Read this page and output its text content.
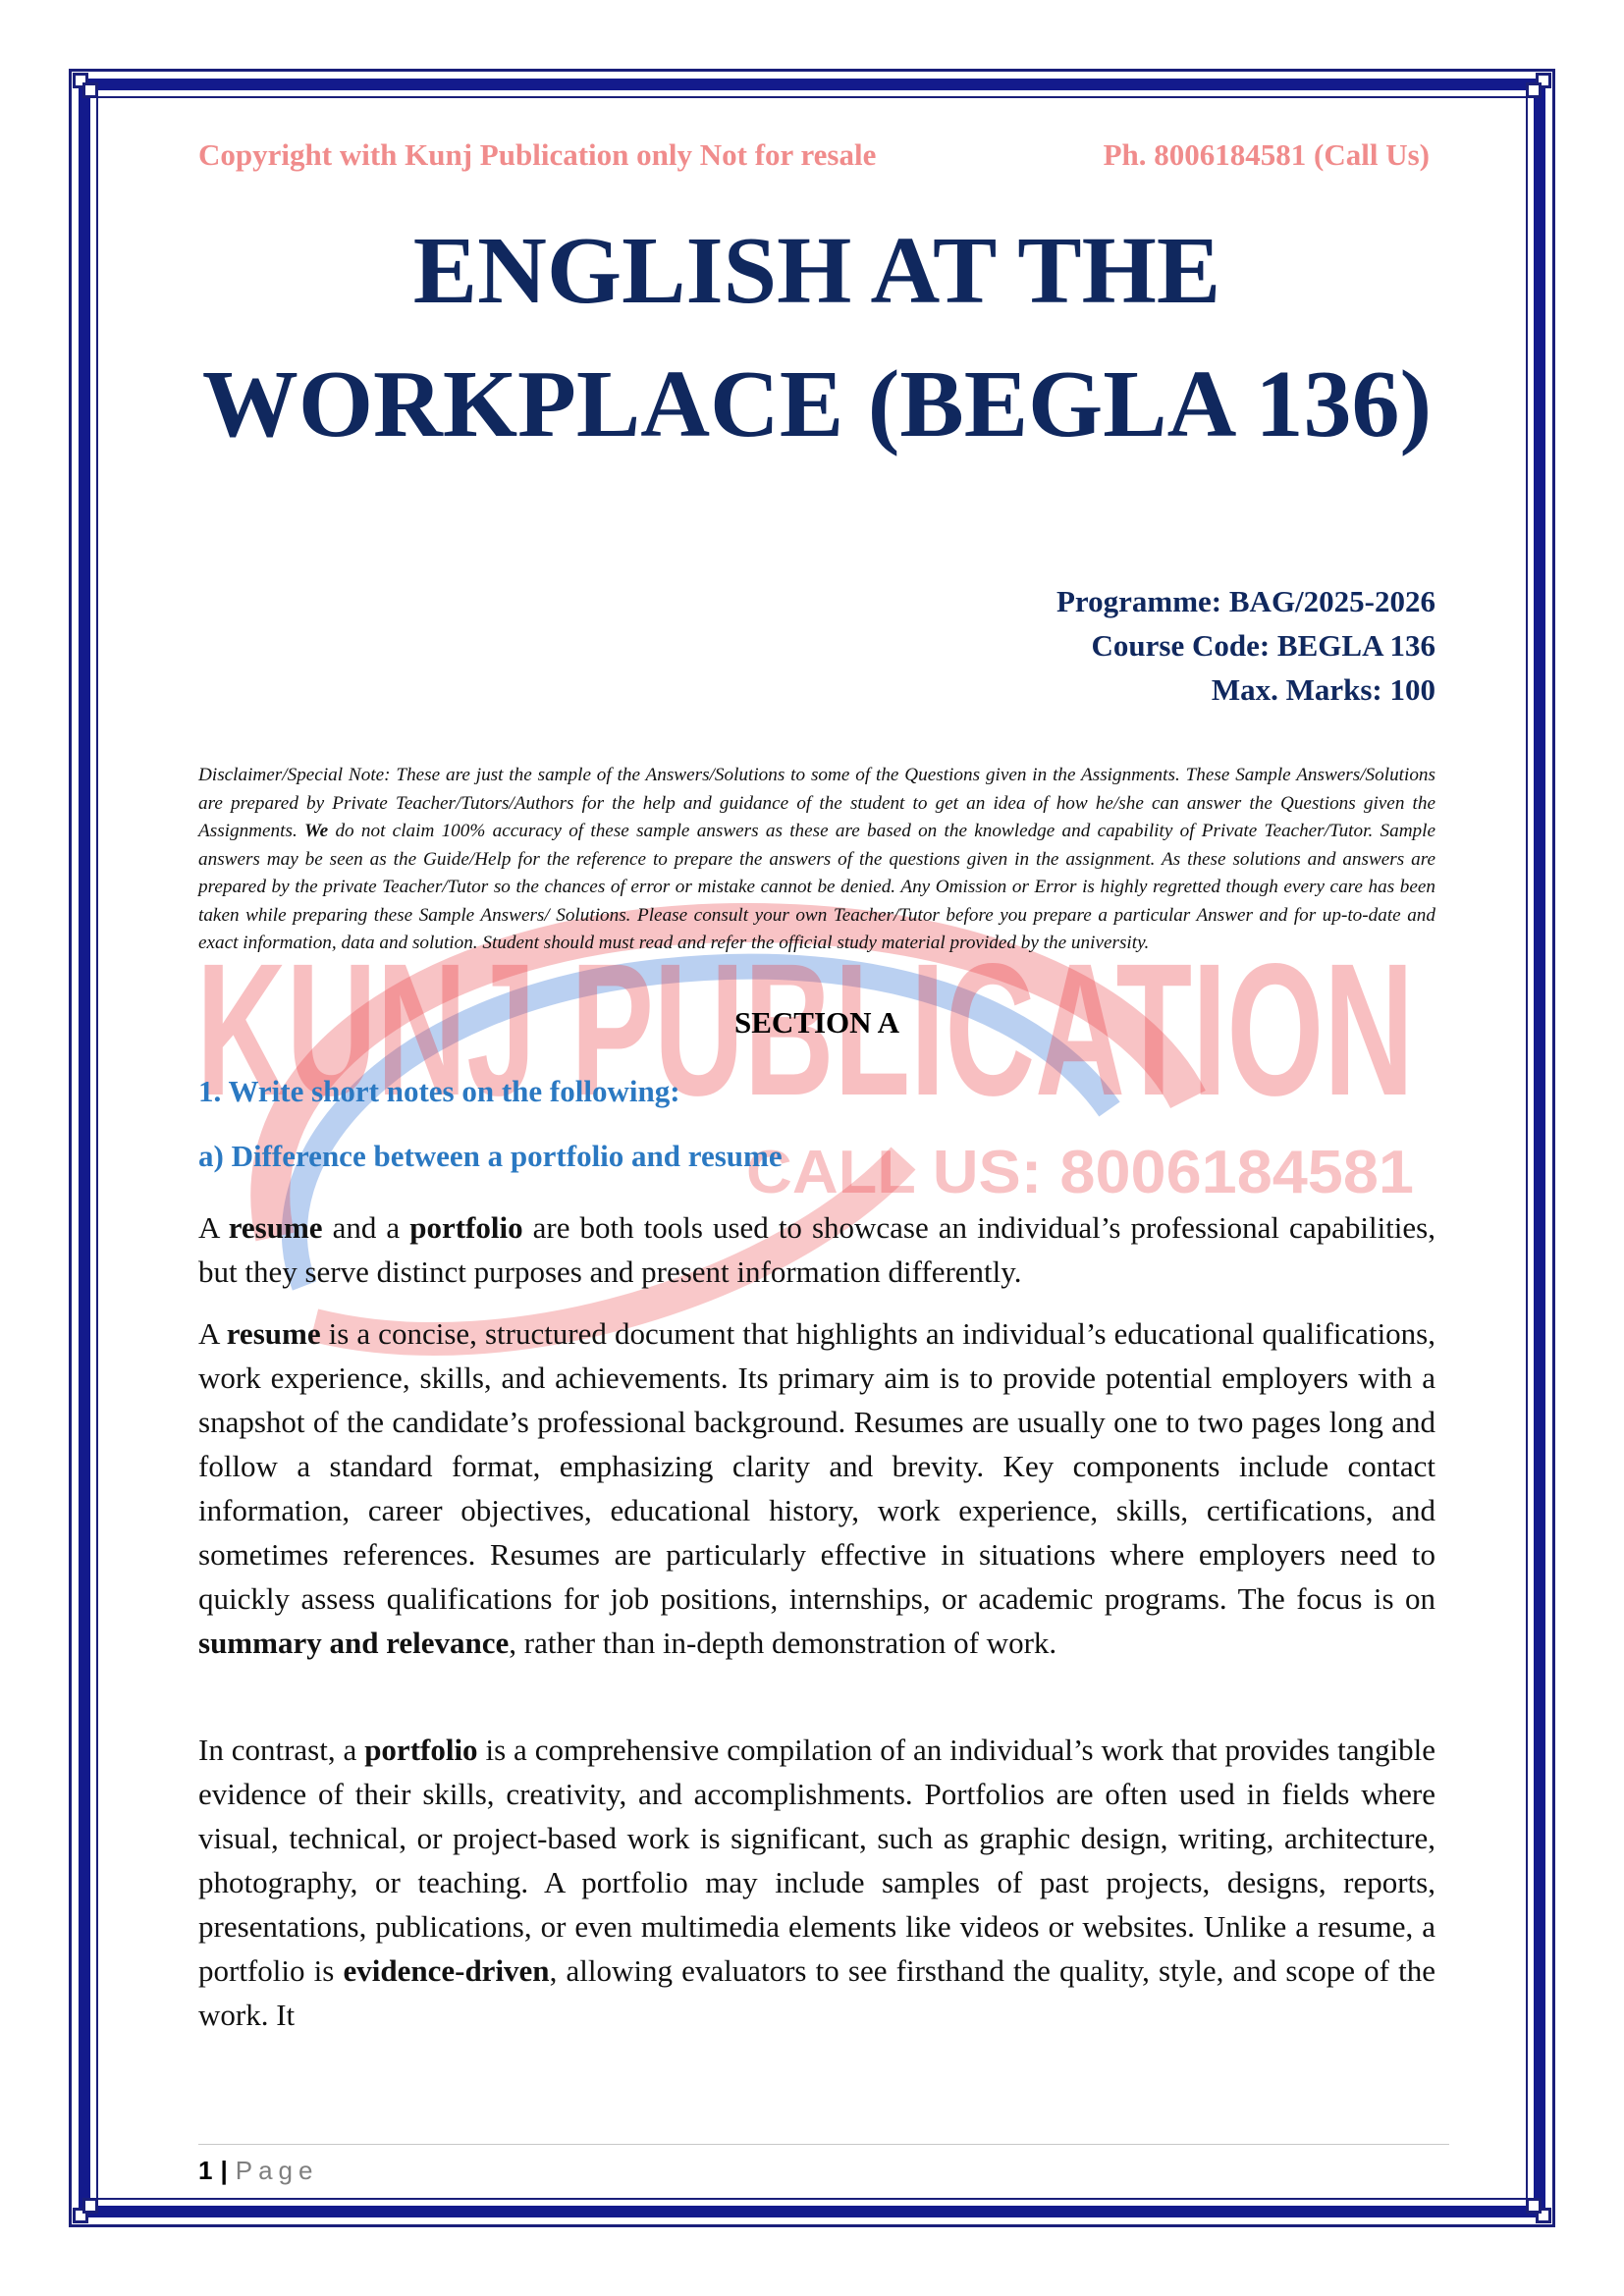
KUNJ PUBLICATION
CALL US: 8006184581
Copyright with Kunj Publication only Not for resale	Ph. 8006184581 (Call Us)
ENGLISH AT THE
WORKPLACE (BEGLA 136)
Programme: BAG/2025-2026
Course Code: BEGLA 136
Max. Marks: 100
Disclaimer/Special Note: These are just the sample of the Answers/Solutions to some of the Questions given in the Assignments. These Sample Answers/Solutions are prepared by Private Teacher/Tutors/Authors for the help and guidance of the student to get an idea of how he/she can answer the Questions given the Assignments. We do not claim 100% accuracy of these sample answers as these are based on the knowledge and capability of Private Teacher/Tutor. Sample answers may be seen as the Guide/Help for the reference to prepare the answers of the questions given in the assignment. As these solutions and answers are prepared by the private Teacher/Tutor so the chances of error or mistake cannot be denied. Any Omission or Error is highly regretted though every care has been taken while preparing these Sample Answers/ Solutions. Please consult your own Teacher/Tutor before you prepare a particular Answer and for up-to-date and exact information, data and solution. Student should must read and refer the official study material provided by the university.
SECTION A
1. Write short notes on the following:
a) Difference between a portfolio and resume
A resume and a portfolio are both tools used to showcase an individual’s professional capabilities, but they serve distinct purposes and present information differently.
A resume is a concise, structured document that highlights an individual’s educational qualifications, work experience, skills, and achievements. Its primary aim is to provide potential employers with a snapshot of the candidate’s professional background. Resumes are usually one to two pages long and follow a standard format, emphasizing clarity and brevity. Key components include contact information, career objectives, educational history, work experience, skills, certifications, and sometimes references. Resumes are particularly effective in situations where employers need to quickly assess qualifications for job positions, internships, or academic programs. The focus is on summary and relevance, rather than in-depth demonstration of work.
In contrast, a portfolio is a comprehensive compilation of an individual’s work that provides tangible evidence of their skills, creativity, and accomplishments. Portfolios are often used in fields where visual, technical, or project-based work is significant, such as graphic design, writing, architecture, photography, or teaching. A portfolio may include samples of past projects, designs, reports, presentations, publications, or even multimedia elements like videos or websites. Unlike a resume, a portfolio is evidence-driven, allowing evaluators to see firsthand the quality, style, and scope of the work. It
1 | Page
